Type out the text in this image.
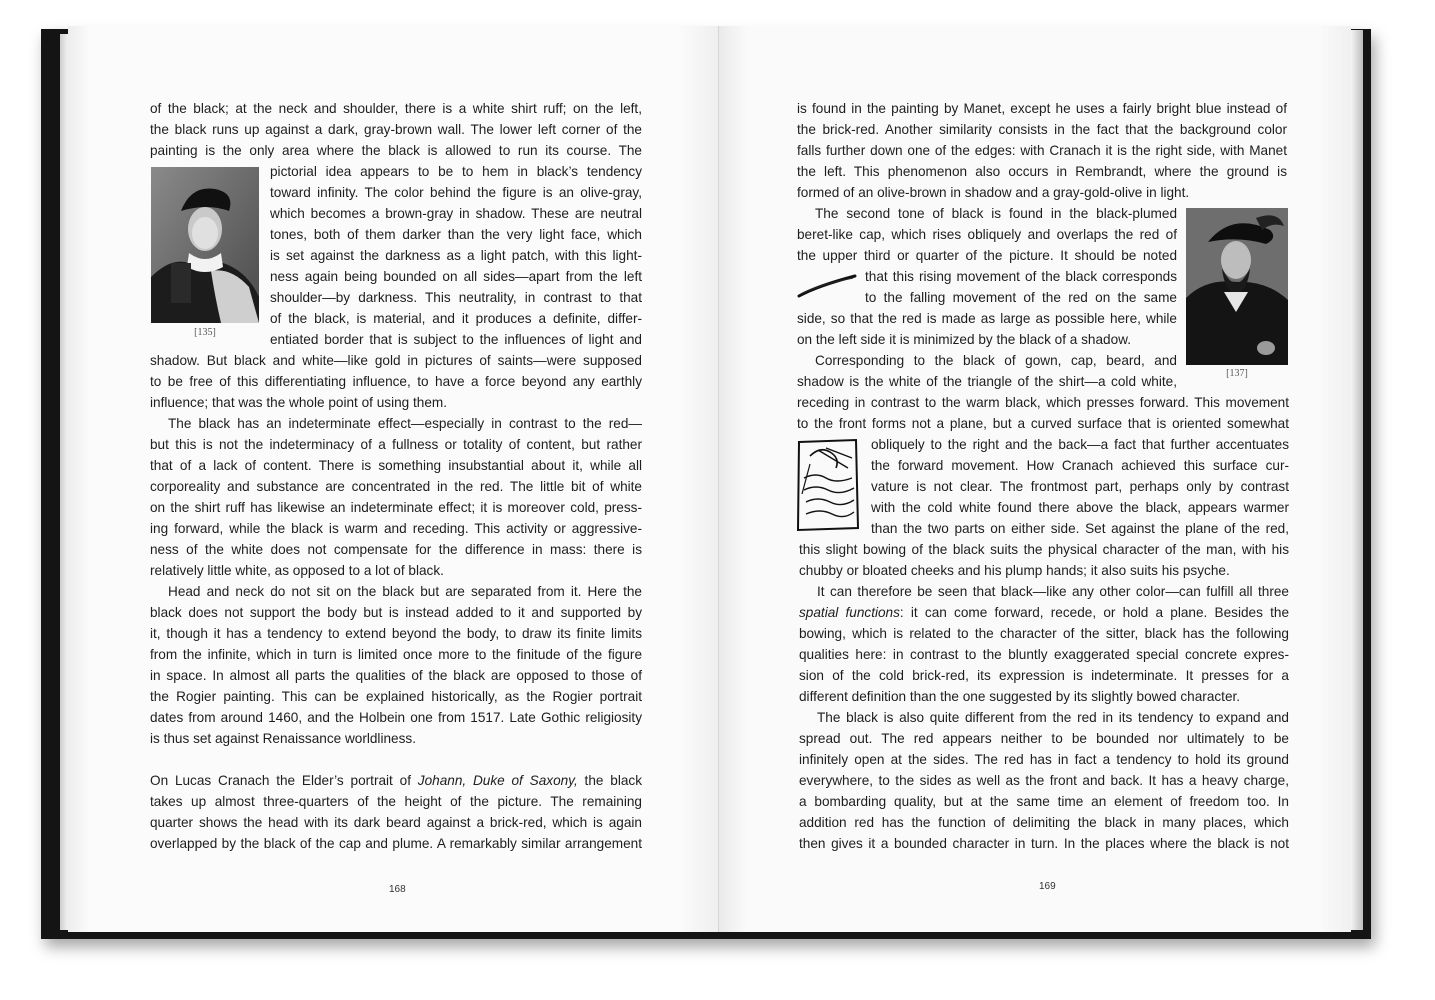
of the black; at the neck and shoulder, there is a white shirt ruff; on the left,
the black runs up against a dark, gray-brown wall. The lower left corner of the
painting is the only area where the black is allowed to run its course. The
[135]
pictorial idea appears to be to hem in black’s tendency
toward infinity. The color behind the figure is an olive-gray,
which becomes a brown-gray in shadow. These are neutral
tones, both of them darker than the very light face, which
is set against the darkness as a light patch, with this light-
ness again being bounded on all sides—apart from the left
shoulder—by darkness. This neutrality, in contrast to that
of the black, is material, and it produces a definite, differ-
entiated border that is subject to the influences of light and
shadow. But black and white—like gold in pictures of saints—were supposed
to be free of this differentiating influence, to have a force beyond any earthly
influence; that was the whole point of using them.
The black has an indeterminate effect—especially in contrast to the red—
but this is not the indeterminacy of a fullness or totality of content, but rather
that of a lack of content. There is something insubstantial about it, while all
corporeality and substance are concentrated in the red. The little bit of white
on the shirt ruff has likewise an indeterminate effect; it is moreover cold, press-
ing forward, while the black is warm and receding. This activity or aggressive-
ness of the white does not compensate for the difference in mass: there is
relatively little white, as opposed to a lot of black.
Head and neck do not sit on the black but are separated from it. Here the
black does not support the body but is instead added to it and supported by
it, though it has a tendency to extend beyond the body, to draw its finite limits
from the infinite, which in turn is limited once more to the finitude of the figure
in space. In almost all parts the qualities of the black are opposed to those of
the Rogier painting. This can be explained historically, as the Rogier portrait
dates from around 1460, and the Holbein one from 1517. Late Gothic religiosity
is thus set against Renaissance worldliness.
On Lucas Cranach the Elder’s portrait of Johann, Duke of Saxony, the black
takes up almost three-quarters of the height of the picture. The remaining
quarter shows the head with its dark beard against a brick-red, which is again
overlapped by the black of the cap and plume. A remarkably similar arrangement
168
is found in the painting by Manet, except he uses a fairly bright blue instead of
the brick-red. Another similarity consists in the fact that the background color
falls further down one of the edges: with Cranach it is the right side, with Manet
the left. This phenomenon also occurs in Rembrandt, where the ground is
formed of an olive-brown in shadow and a gray-gold-olive in light.
[137]
The second tone of black is found in the black-plumed
beret-like cap, which rises obliquely and overlaps the red of
the upper third or quarter of the picture. It should be noted
that this rising movement of the black corresponds
to the falling movement of the red on the same
side, so that the red is made as large as possible here, while
on the left side it is minimized by the black of a shadow.
Corresponding to the black of gown, cap, beard, and
shadow is the white of the triangle of the shirt—a cold white,
receding in contrast to the warm black, which presses forward. This movement
to the front forms not a plane, but a curved surface that is oriented somewhat
obliquely to the right and the back—a fact that further accentuates
the forward movement. How Cranach achieved this surface cur-
vature is not clear. The frontmost part, perhaps only by contrast
with the cold white found there above the black, appears warmer
than the two parts on either side. Set against the plane of the red,
this slight bowing of the black suits the physical character of the man, with his
chubby or bloated cheeks and his plump hands; it also suits his psyche.
It can therefore be seen that black—like any other color—can fulfill all three
spatial functions: it can come forward, recede, or hold a plane. Besides the
bowing, which is related to the character of the sitter, black has the following
qualities here: in contrast to the bluntly exaggerated special concrete expres-
sion of the cold brick-red, its expression is indeterminate. It presses for a
different definition than the one suggested by its slightly bowed character.
The black is also quite different from the red in its tendency to expand and
spread out. The red appears neither to be bounded nor ultimately to be
infinitely open at the sides. The red has in fact a tendency to hold its ground
everywhere, to the sides as well as the front and back. It has a heavy charge,
a bombarding quality, but at the same time an element of freedom too. In
addition red has the function of delimiting the black in many places, which
then gives it a bounded character in turn. In the places where the black is not
169
